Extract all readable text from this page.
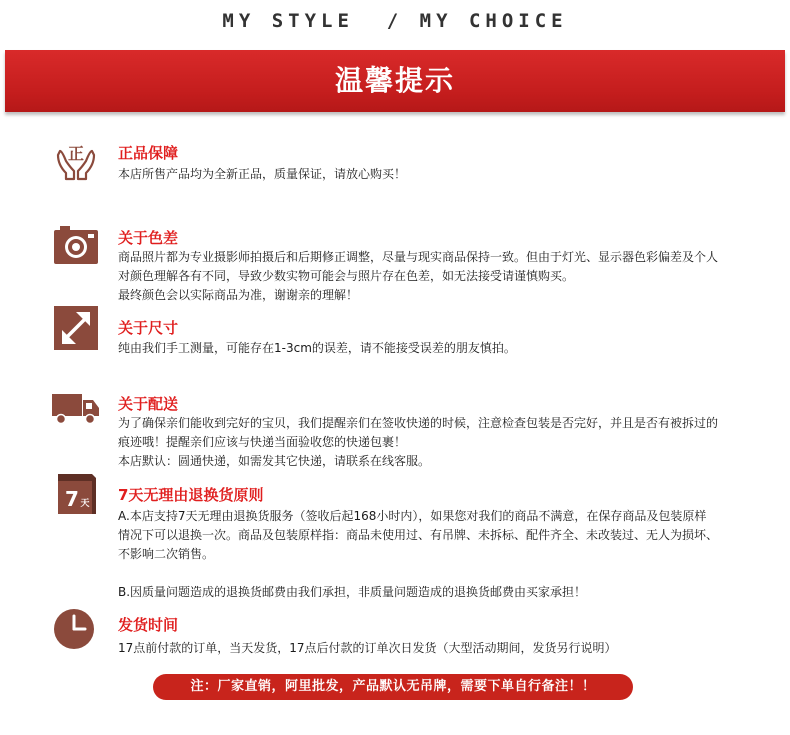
MY STYLE  / MY CHOICE
温馨提示
正 正品保障
本店所售产品均为全新正品，质量保证，请放心购买！
关于色差
商品照片都为专业摄影师拍摄后和后期修正调整，尽量与现实商品保持一致。但由于灯光、显示器色彩偏差及个人
对颜色理解各有不同，导致少数实物可能会与照片存在色差，如无法接受请谨慎购买。
最终颜色会以实际商品为准，谢谢亲的理解！
关于尺寸
纯由我们手工测量，可能存在1-3cm的误差，请不能接受误差的朋友慎拍。
关于配送
为了确保亲们能收到完好的宝贝，我们提醒亲们在签收快递的时候，注意检查包装是否完好，并且是否有被拆过的
痕迹哦！提醒亲们应该与快递当面验收您的快递包裹！
本店默认：圆通快递，如需发其它快递，请联系在线客服。
7 天 7天无理由退换货原则
A.本店支持7天无理由退换货服务（签收后起168小时内），如果您对我们的商品不满意，在保存商品及包装原样
情况下可以退换一次。商品及包装原样指：商品未使用过、有吊牌、未拆标、配件齐全、未改装过、无人为损坏、
不影响二次销售。
B.因质量问题造成的退换货邮费由我们承担，非质量问题造成的退换货邮费由买家承担！
发货时间
17点前付款的订单，当天发货，17点后付款的订单次日发货（大型活动期间，发货另行说明）
注：厂家直销，阿里批发，产品默认无吊牌，需要下单自行备注！！
